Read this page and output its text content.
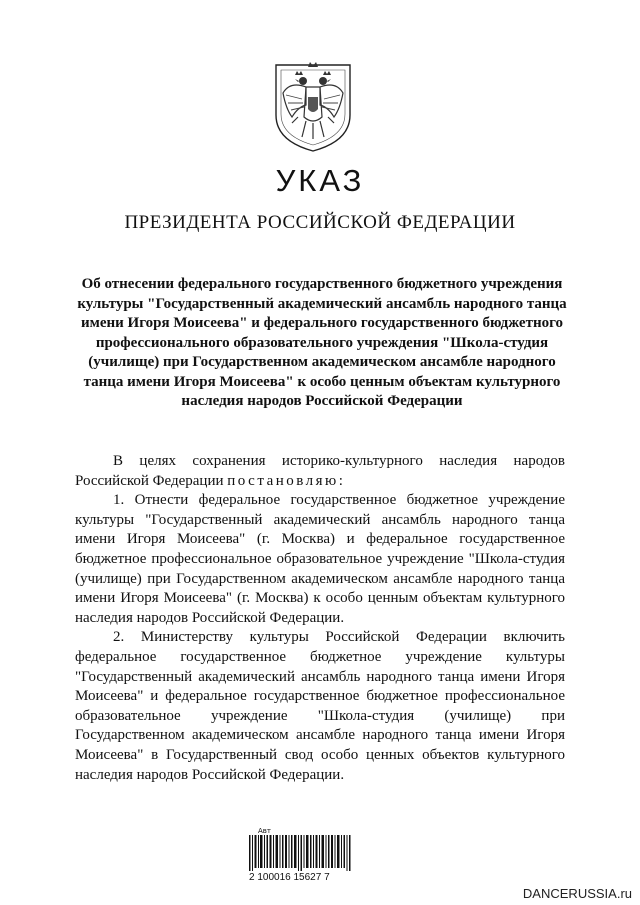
УКАЗ
ПРЕЗИДЕНТА РОССИЙСКОЙ ФЕДЕРАЦИИ

Об отнесении федерального государственного бюджетного учреждения культуры "Государственный академический ансамбль народного танца имени Игоря Моисеева" и федерального государственного бюджетного профессионального образовательного учреждения "Школа-студия (училище) при Государственном академическом ансамбле народного танца имени Игоря Моисеева" к особо ценным объектам культурного наследия народов Российской Федерации

В целях сохранения историко-культурного наследия народов Российской Федерации постановляю:

1. Отнести федеральное государственное бюджетное учреждение культуры "Государственный академический ансамбль народного танца имени Игоря Моисеева" (г. Москва) и федеральное государственное бюджетное профессиональное образовательное учреждение "Школа-студия (училище) при Государственном академическом ансамбле народного танца имени Игоря Моисеева" (г. Москва) к особо ценным объектам культурного наследия народов Российской Федерации.

2. Министерству культуры Российской Федерации включить федеральное государственное бюджетное учреждение культуры "Государственный академический ансамбль народного танца имени Игоря Моисеева" и федеральное государственное бюджетное профессиональное образовательное учреждение "Школа-студия (училище) при Государственном академическом ансамбле народного танца имени Игоря Моисеева" в Государственный свод особо ценных объектов культурного наследия народов Российской Федерации.

Авт
2 100016 15627 7
DANCERUSSIA.ru
